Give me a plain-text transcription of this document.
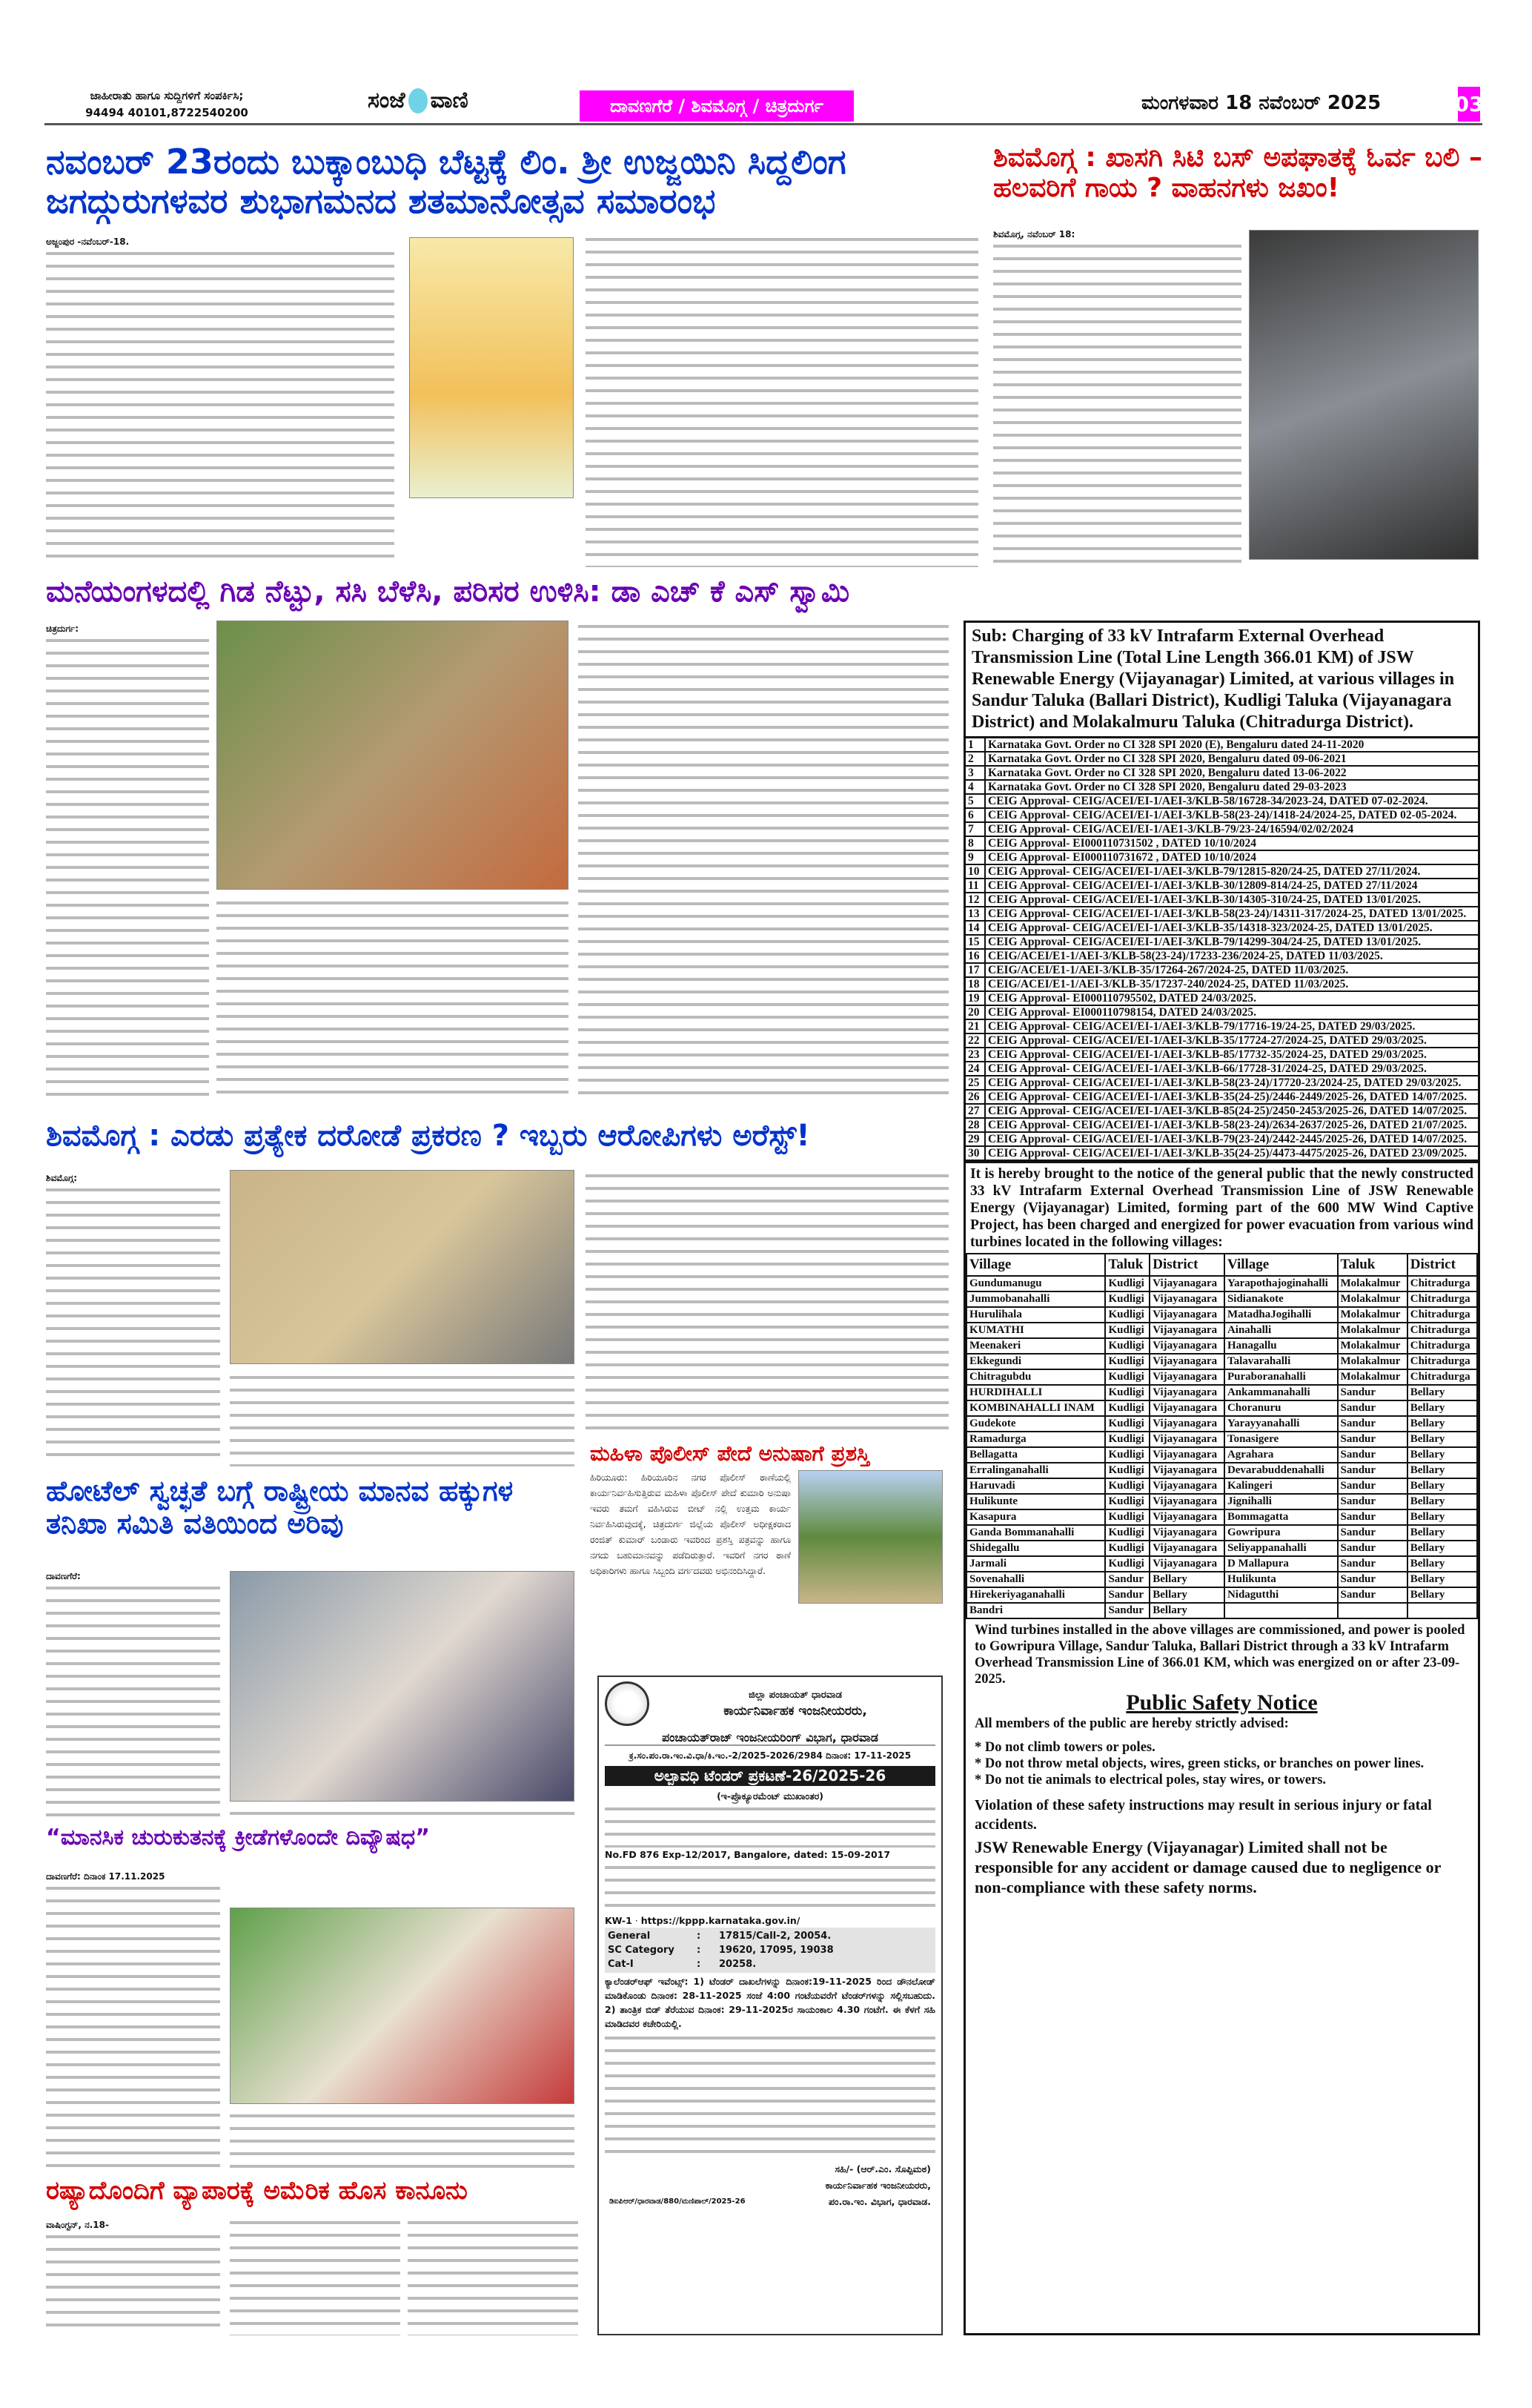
ಜಾಹೀರಾತು ಹಾಗೂ ಸುದ್ದಿಗಳಿಗೆ ಸಂಪರ್ಕಿಸಿ;
94494 40101,8722540200	ಸಂಜೆ ವಾಣಿ	ದಾವಣಗೆರೆ / ಶಿವಮೊಗ್ಗ / ಚಿತ್ರದುರ್ಗ	ಮಂಗಳವಾರ 18 ನವೆಂಬರ್ 2025	03
ನವಂಬರ್ 23ರಂದು ಬುಕ್ಕಾಂಬುಧಿ ಬೆಟ್ಟಕ್ಕೆ ಲಿಂ. ಶ್ರೀ ಉಜ್ಜಯಿನಿ ಸಿದ್ದಲಿಂಗ ಜಗದ್ಗುರುಗಳವರ ಶುಭಾಗಮನದ ಶತಮಾನೋತ್ಸವ ಸಮಾರಂಭ
ಅಜ್ಜಂಪುರ -ನವೆಂಬರ್-18.
ಶಿವಮೊಗ್ಗ : ಖಾಸಗಿ ಸಿಟಿ ಬಸ್ ಅಪಘಾತಕ್ಕೆ ಓರ್ವ ಬಲಿ – ಹಲವರಿಗೆ ಗಾಯ ? ವಾಹನಗಳು ಜಖಂ!
ಶಿವಮೊಗ್ಗ, ನವೆಂಬರ್ 18:
ಮನೆಯಂಗಳದಲ್ಲಿ ಗಿಡ ನೆಟ್ಟು, ಸಸಿ ಬೆಳೆಸಿ, ಪರಿಸರ ಉಳಿಸಿ: ಡಾ ಎಚ್ ಕೆ ಎಸ್ ಸ್ವಾಮಿ
ಚಿತ್ರದುರ್ಗ:	Sub: Charging of 33 kV Intrafarm External Overhead Transmission Line (Total Line Length 366.01 KM) of JSW Renewable Energy (Vijayanagar) Limited, at various villages in Sandur Taluka (Ballari District), Kudligi Taluka (Vijayanagara District) and Molakalmuru Taluka (Chitradurga District).
1	Karnataka Govt. Order no CI 328 SPI 2020 (E), Bengaluru dated 24-11-2020
2	Karnataka Govt. Order no CI 328 SPI 2020, Bengaluru dated 09-06-2021
3	Karnataka Govt. Order no CI 328 SPI 2020, Bengaluru dated 13-06-2022
4	Karnataka Govt. Order no CI 328 SPI 2020, Bengaluru dated 29-03-2023
5	CEIG Approval- CEIG/ACEI/EI-1/AEI-3/KLB-58/16728-34/2023-24, DATED 07-02-2024.
6	CEIG Approval- CEIG/ACEI/EI-1/AEI-3/KLB-58(23-24)/1418-24/2024-25, DATED 02-05-2024.
7	CEIG Approval- CEIG/ACEI/EI-1/AE1-3/KLB-79/23-24/16594/02/02/2024
8	CEIG Approval- EI000110731502 , DATED 10/10/2024
9	CEIG Approval- EI000110731672 , DATED 10/10/2024
10	CEIG Approval- CEIG/ACEI/EI-1/AEI-3/KLB-79/12815-820/24-25, DATED 27/11/2024.
11	CEIG Approval- CEIG/ACEI/EI-1/AEI-3/KLB-30/12809-814/24-25, DATED 27/11/2024
12	CEIG Approval- CEIG/ACEI/EI-1/AEI-3/KLB-30/14305-310/24-25, DATED 13/01/2025.
13	CEIG Approval- CEIG/ACEI/EI-1/AEI-3/KLB-58(23-24)/14311-317/2024-25, DATED 13/01/2025.
14	CEIG Approval- CEIG/ACEI/EI-1/AEI-3/KLB-35/14318-323/2024-25, DATED 13/01/2025.
15	CEIG Approval- CEIG/ACEI/EI-1/AEI-3/KLB-79/14299-304/24-25, DATED 13/01/2025.
16	CEIG/ACEI/E1-1/AEI-3/KLB-58(23-24)/17233-236/2024-25, DATED 11/03/2025.
17	CEIG/ACEI/E1-1/AEI-3/KLB-35/17264-267/2024-25, DATED 11/03/2025.
18	CEIG/ACEI/E1-1/AEI-3/KLB-35/17237-240/2024-25, DATED 11/03/2025.
19	CEIG Approval- EI000110795502, DATED 24/03/2025.
20	CEIG Approval- EI000110798154, DATED 24/03/2025.
21	CEIG Approval- CEIG/ACEI/EI-1/AEI-3/KLB-79/17716-19/24-25, DATED 29/03/2025.
22	CEIG Approval- CEIG/ACEI/EI-1/AEI-3/KLB-35/17724-27/2024-25, DATED 29/03/2025.
23	CEIG Approval- CEIG/ACEI/EI-1/AEI-3/KLB-85/17732-35/2024-25, DATED 29/03/2025.
24	CEIG Approval- CEIG/ACEI/EI-1/AEI-3/KLB-66/17728-31/2024-25, DATED 29/03/2025.
25	CEIG Approval- CEIG/ACEI/EI-1/AEI-3/KLB-58(23-24)/17720-23/2024-25, DATED 29/03/2025.
26	CEIG Approval- CEIG/ACEI/EI-1/AEI-3/KLB-35(24-25)/2446-2449/2025-26, DATED 14/07/2025.
27	CEIG Approval- CEIG/ACEI/EI-1/AEI-3/KLB-85(24-25)/2450-2453/2025-26, DATED 14/07/2025.
28	CEIG Approval- CEIG/ACEI/EI-1/AEI-3/KLB-58(23-24)/2634-2637/2025-26, DATED 21/07/2025.
29	CEIG Approval- CEIG/ACEI/EI-1/AEI-3/KLB-79(23-24)/2442-2445/2025-26, DATED 14/07/2025.
30	CEIG Approval- CEIG/ACEI/EI-1/AEI-3/KLB-35(24-25)/4473-4475/2025-26, DATED 23/09/2025.
It is hereby brought to the notice of the general public that the newly constructed 33 kV Intrafarm External Overhead Transmission Line of JSW Renewable Energy (Vijayanagar) Limited, forming part of the 600 MW Wind Captive Project, has been charged and energized for power evacuation from various wind turbines located in the following villages:
Village	Taluk	District	Village	Taluk	District
Gundumanugu	Kudligi	Vijayanagara	Yarapothajoginahalli	Molakalmur	Chitradurga
Jummobanahalli	Kudligi	Vijayanagara	Sidianakote	Molakalmur	Chitradurga
Hurulihala	Kudligi	Vijayanagara	MatadhaJogihalli	Molakalmur	Chitradurga
KUMATHI	Kudligi	Vijayanagara	Ainahalli	Molakalmur	Chitradurga
Meenakeri	Kudligi	Vijayanagara	Hanagallu	Molakalmur	Chitradurga
Ekkegundi	Kudligi	Vijayanagara	Talavarahalli	Molakalmur	Chitradurga
Chitragubdu	Kudligi	Vijayanagara	Puraboranahalli	Molakalmur	Chitradurga
HURDIHALLI	Kudligi	Vijayanagara	Ankammanahalli	Sandur	Bellary
KOMBINAHALLI INAM	Kudligi	Vijayanagara	Choranuru	Sandur	Bellary
Gudekote	Kudligi	Vijayanagara	Yarayyanahalli	Sandur	Bellary
Ramadurga	Kudligi	Vijayanagara	Tonasigere	Sandur	Bellary
Bellagatta	Kudligi	Vijayanagara	Agrahara	Sandur	Bellary
Erralinganahalli	Kudligi	Vijayanagara	Devarabuddenahalli	Sandur	Bellary
Haruvadi	Kudligi	Vijayanagara	Kalingeri	Sandur	Bellary
Hulikunte	Kudligi	Vijayanagara	Jignihalli	Sandur	Bellary
Kasapura	Kudligi	Vijayanagara	Bommagatta	Sandur	Bellary
Ganda Bommanahalli	Kudligi	Vijayanagara	Gowripura	Sandur	Bellary
Shidegallu	Kudligi	Vijayanagara	Seliyappanahalli	Sandur	Bellary
Jarmali	Kudligi	Vijayanagara	D Mallapura	Sandur	Bellary
Sovenahalli	Sandur	Bellary	Hulikunta	Sandur	Bellary
Hirekeriyaganahalli	Sandur	Bellary	Nidagutthi	Sandur	Bellary
Bandri	Sandur	Bellary			
Wind turbines installed in the above villages are commissioned, and power is pooled to Gowripura Village, Sandur Taluka, Ballari District through a 33 kV Intrafarm Overhead Transmission Line of 366.01 KM, which was energized on or after 23-09-2025.
Public Safety Notice
All members of the public are hereby strictly advised:
* Do not climb towers or poles.
* Do not throw metal objects, wires, green sticks, or branches on power lines.
* Do not tie animals to electrical poles, stay wires, or towers.
Violation of these safety instructions may result in serious injury or fatal accidents.
JSW Renewable Energy (Vijayanagar) Limited shall not be responsible for any accident or damage caused due to negligence or non-compliance with these safety norms.
ಶಿವಮೊಗ್ಗ : ಎರಡು ಪ್ರತ್ಯೇಕ ದರೋಡೆ ಪ್ರಕರಣ ? ಇಬ್ಬರು ಆರೋಪಿಗಳು ಅರೆಸ್ಟ್!
ಶಿವಮೊಗ್ಗ:
ಹೋಟೆಲ್ ಸ್ವಚ್ಛತೆ ಬಗ್ಗೆ ರಾಷ್ಟ್ರೀಯ ಮಾನವ ಹಕ್ಕುಗಳ ತನಿಖಾ ಸಮಿತಿ ವತಿಯಿಂದ ಅರಿವು
ದಾವಣಗೆರೆ:
ಮಹಿಳಾ ಪೊಲೀಸ್ ಪೇದೆ ಅನುಷಾಗೆ ಪ್ರಶಸ್ತಿ
ಹಿರಿಯೂರು: ಹಿರಿಯೂರಿನ ನಗರ ಪೊಲೀಸ್ ಠಾಣೆಯಲ್ಲಿ ಕಾರ್ಯನಿರ್ವಹಿಸುತ್ತಿರುವ ಮಹಿಳಾ ಪೊಲೀಸ್ ಪೇದೆ ಕುಮಾರಿ ಅನುಷಾ ಇವರು ತಮಗೆ ವಹಿಸಿರುವ ಬೀಟ್ ನಲ್ಲಿ ಉತ್ತಮ ಕಾರ್ಯ ನಿರ್ವಹಿಸಿರುವುದಕ್ಕೆ, ಚಿತ್ರದುರ್ಗ ಜಿಲ್ಲೆಯ ಪೊಲೀಸ್ ಅಧೀಕ್ಷಕರಾದ ರಂಜಿತ್ ಕುಮಾರ್ ಬಂಡಾರು ಇವರಿಂದ ಪ್ರಶಸ್ತಿ ಪತ್ರವನ್ನು ಹಾಗೂ ನಗದು ಬಹುಮಾನವನ್ನು ಪಡೆದಿರುತ್ತಾರೆ. ಇವರಿಗೆ ನಗರ ಠಾಣೆ ಅಧಿಕಾರಿಗಳು ಹಾಗೂ ಸಿಬ್ಬಂದಿ ವರ್ಗದವರು ಅಭಿನಂದಿಸಿದ್ದಾರೆ.
ಜಿಲ್ಲಾ ಪಂಚಾಯತ್ ಧಾರವಾಡ
ಕಾರ್ಯನಿರ್ವಾಹಕ ಇಂಜನೀಯರರು,
ಪಂಚಾಯತ್‌ರಾಜ್ ಇಂಜನೀಯರಿಂಗ್ ವಿಭಾಗ, ಧಾರವಾಡ
ಕ್ರ.ಸಂ.ಪಂ.ರಾ.ಇಂ.ವಿ.ಧಾ/ಕಿ.ಇಂ.-2/2025-2026/2984 ದಿನಾಂಕ: 17-11-2025
ಅಲ್ಪಾವಧಿ ಟೆಂಡರ್ ಪ್ರಕಟಣೆ-26/2025-26
(ಇ-ಪ್ರೊಕ್ಯೂರಮೆಂಟ್ ಮುಖಾಂತರ)
No.FD 876 Exp-12/2017, Bangalore, dated: 15-09-2017
KW-1 · https://kppp.karnataka.gov.in/
General	:	17815/Call-2, 20054.
SC Category	:	19620, 17095, 19038
Cat-I	:	20258.
ಕ್ಯಾಲೆಂಡರ್‌ಆಫ್ ಇವೆಂಟ್ಸ್: 1) ಟೆಂಡರ್ ದಾಖಲೆಗಳನ್ನು ದಿನಾಂಕ:19-11-2025 ರಿಂದ ಡೌನಲೋಡ್ ಮಾಡಿಕೊಂಡು ದಿನಾಂಕ: 28-11-2025 ಸಂಜೆ 4:00 ಗಂಟೆಯವರೆಗೆ ಟೆಂಡರ್‌ಗಳನ್ನು ಸಲ್ಲಿಸಬಹುದು. 2) ತಾಂತ್ರಿಕ ಬಿಡ್ ತೆರೆಯುವ ದಿನಾಂಕ: 29-11-2025ರ ಸಾಯಂಕಾಲ 4.30 ಗಂಟೆಗೆ. ಈ ಕೆಳಗೆ ಸಹಿ ಮಾಡಿದವರ ಕಚೇರಿಯಲ್ಲಿ.
ಸಹಿ/- (ಆರ್.ಎಂ. ಸೊಪ್ಪಿಮಠ)
ಕಾರ್ಯನಿರ್ವಾಹಕ ಇಂಜನೀಯರರು,
ಡಿಐಪಿಆರ್/ಧಾರವಾಡ/880/ಮಣಿಪಾಲ್/2025-26	ಪಂ.ರಾ.ಇಂ. ವಿಭಾಗ, ಧಾರವಾಡ.
“ಮಾನಸಿಕ ಚುರುಕುತನಕ್ಕೆ ಕ್ರೀಡೆಗಳೊಂದೇ ದಿವ್ಯೌಷಧ”
ದಾವಣಗೆರೆ: ದಿನಾಂಕ 17.11.2025
ರಷ್ಯಾದೊಂದಿಗೆ ವ್ಯಾಪಾರಕ್ಕೆ ಅಮೆರಿಕ ಹೊಸ ಕಾನೂನು
ವಾಷಿಂಗ್ಟನ್, ನ.18-
